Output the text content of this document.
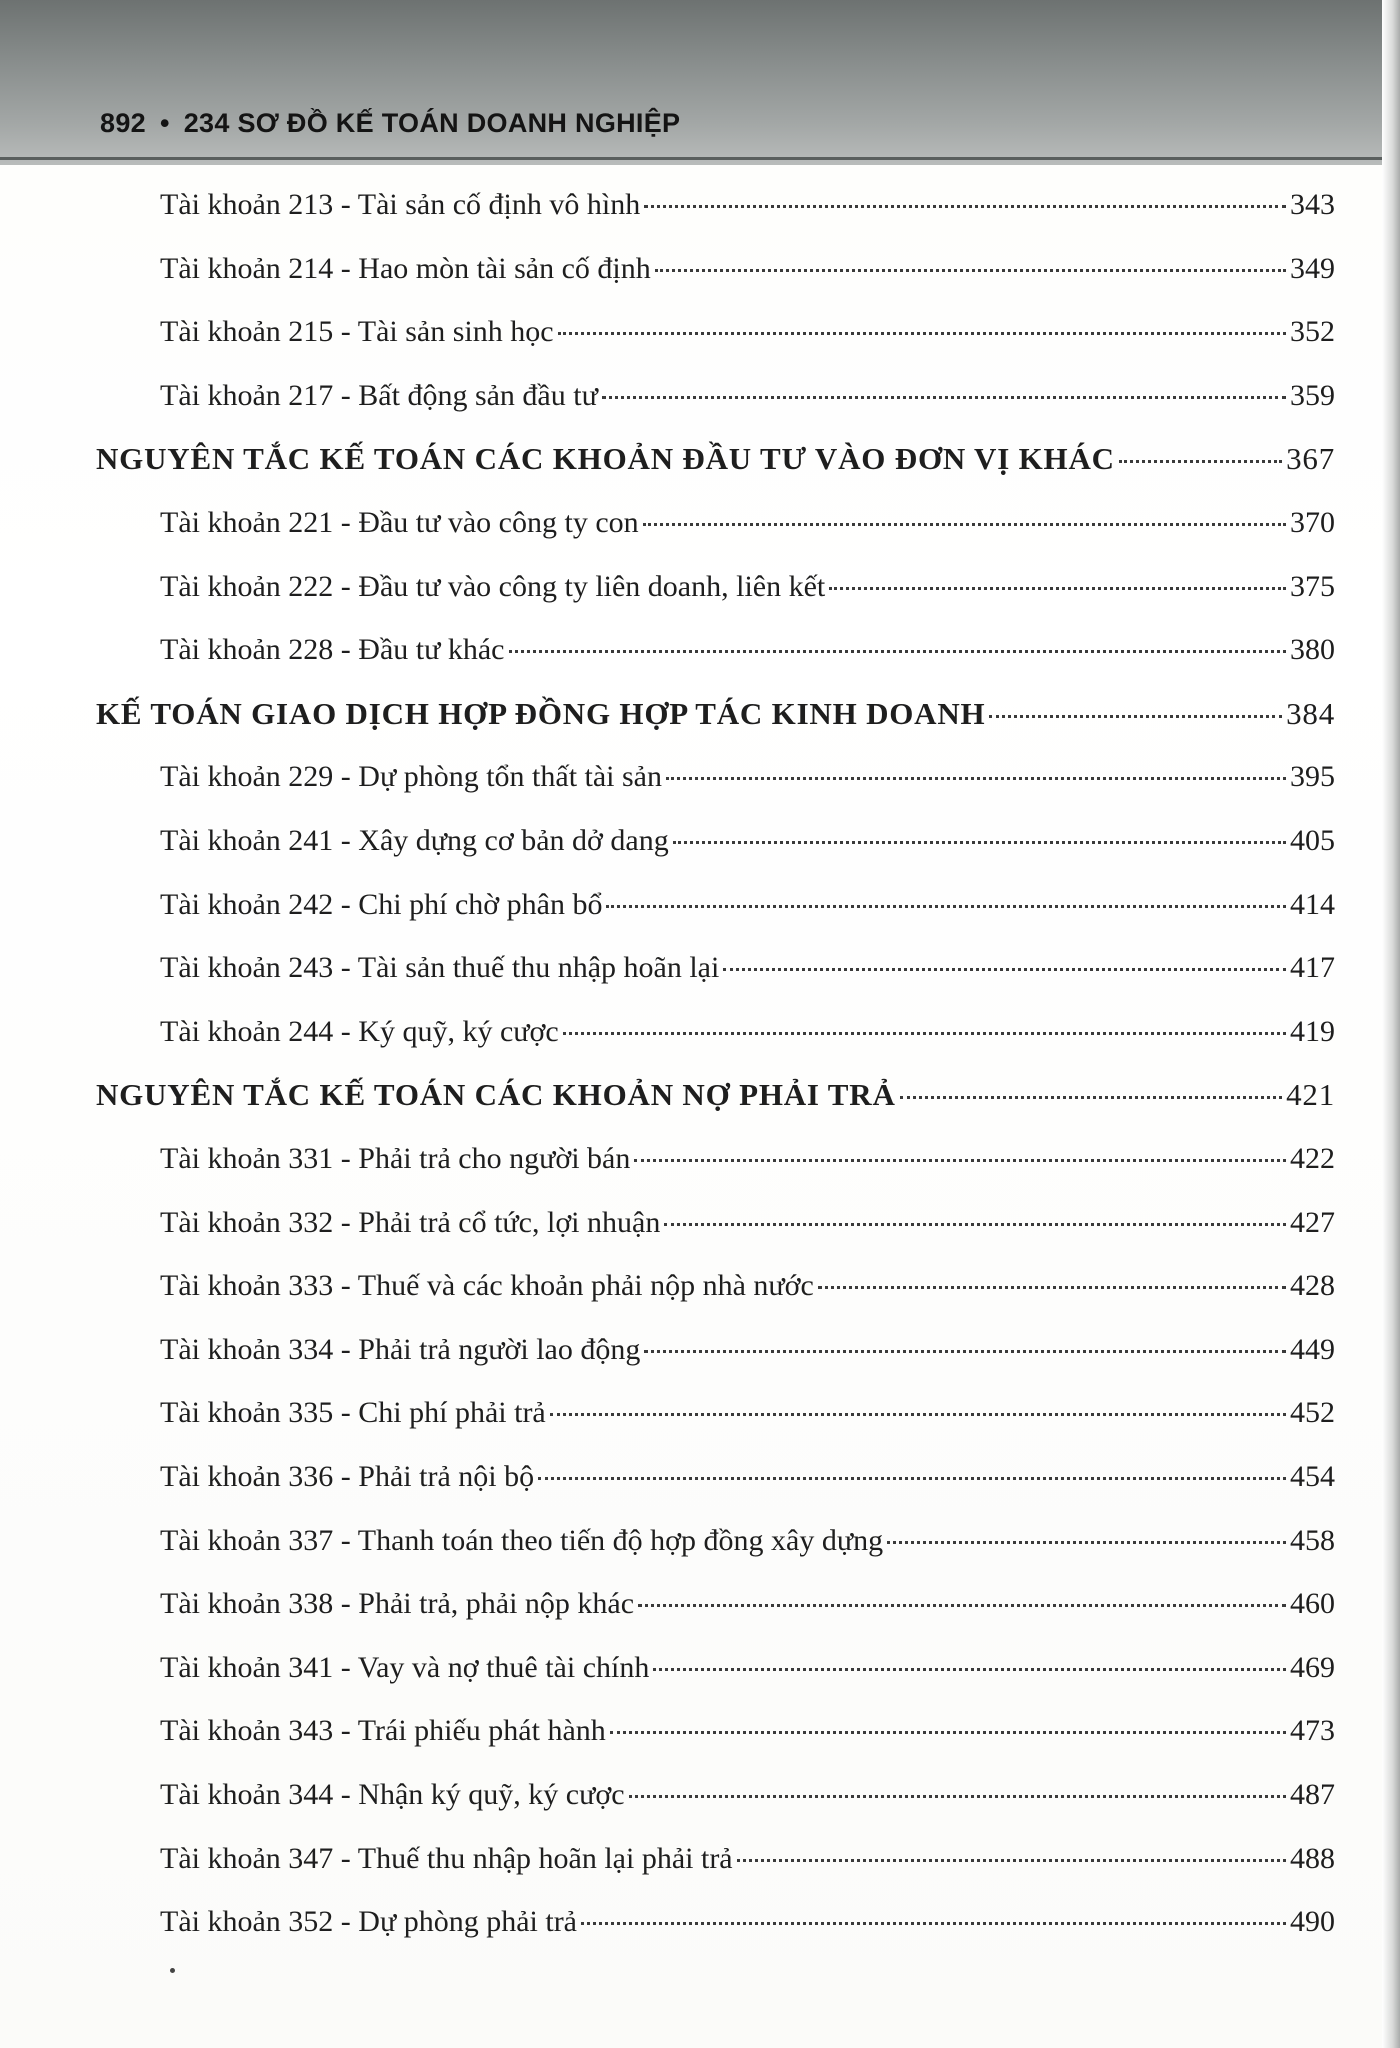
892 • 234 SƠ ĐỒ KẾ TOÁN DOANH NGHIỆP
Tài khoản 213 - Tài sản cố định vô hình	343
Tài khoản 214 - Hao mòn tài sản cố định	349
Tài khoản 215 - Tài sản sinh học	352
Tài khoản 217 - Bất động sản đầu tư	359
NGUYÊN TẮC KẾ TOÁN CÁC KHOẢN ĐẦU TƯ VÀO ĐƠN VỊ KHÁC	367
Tài khoản 221 - Đầu tư vào công ty con	370
Tài khoản 222 - Đầu tư vào công ty liên doanh, liên kết	375
Tài khoản 228 - Đầu tư khác	380
KẾ TOÁN GIAO DỊCH HỢP ĐỒNG HỢP TÁC KINH DOANH	384
Tài khoản 229 - Dự phòng tổn thất tài sản	395
Tài khoản 241 - Xây dựng cơ bản dở dang	405
Tài khoản 242 - Chi phí chờ phân bổ	414
Tài khoản 243 - Tài sản thuế thu nhập hoãn lại	417
Tài khoản 244 - Ký quỹ, ký cược	419
NGUYÊN TẮC KẾ TOÁN CÁC KHOẢN NỢ PHẢI TRẢ	421
Tài khoản 331 - Phải trả cho người bán	422
Tài khoản 332 - Phải trả cổ tức, lợi nhuận	427
Tài khoản 333 - Thuế và các khoản phải nộp nhà nước	428
Tài khoản 334 - Phải trả người lao động	449
Tài khoản 335 - Chi phí phải trả	452
Tài khoản 336 - Phải trả nội bộ	454
Tài khoản 337 - Thanh toán theo tiến độ hợp đồng xây dựng	458
Tài khoản 338 - Phải trả, phải nộp khác	460
Tài khoản 341 - Vay và nợ thuê tài chính	469
Tài khoản 343 - Trái phiếu phát hành	473
Tài khoản 344 - Nhận ký quỹ, ký cược	487
Tài khoản 347 - Thuế thu nhập hoãn lại phải trả	488
Tài khoản 352 - Dự phòng phải trả	490
